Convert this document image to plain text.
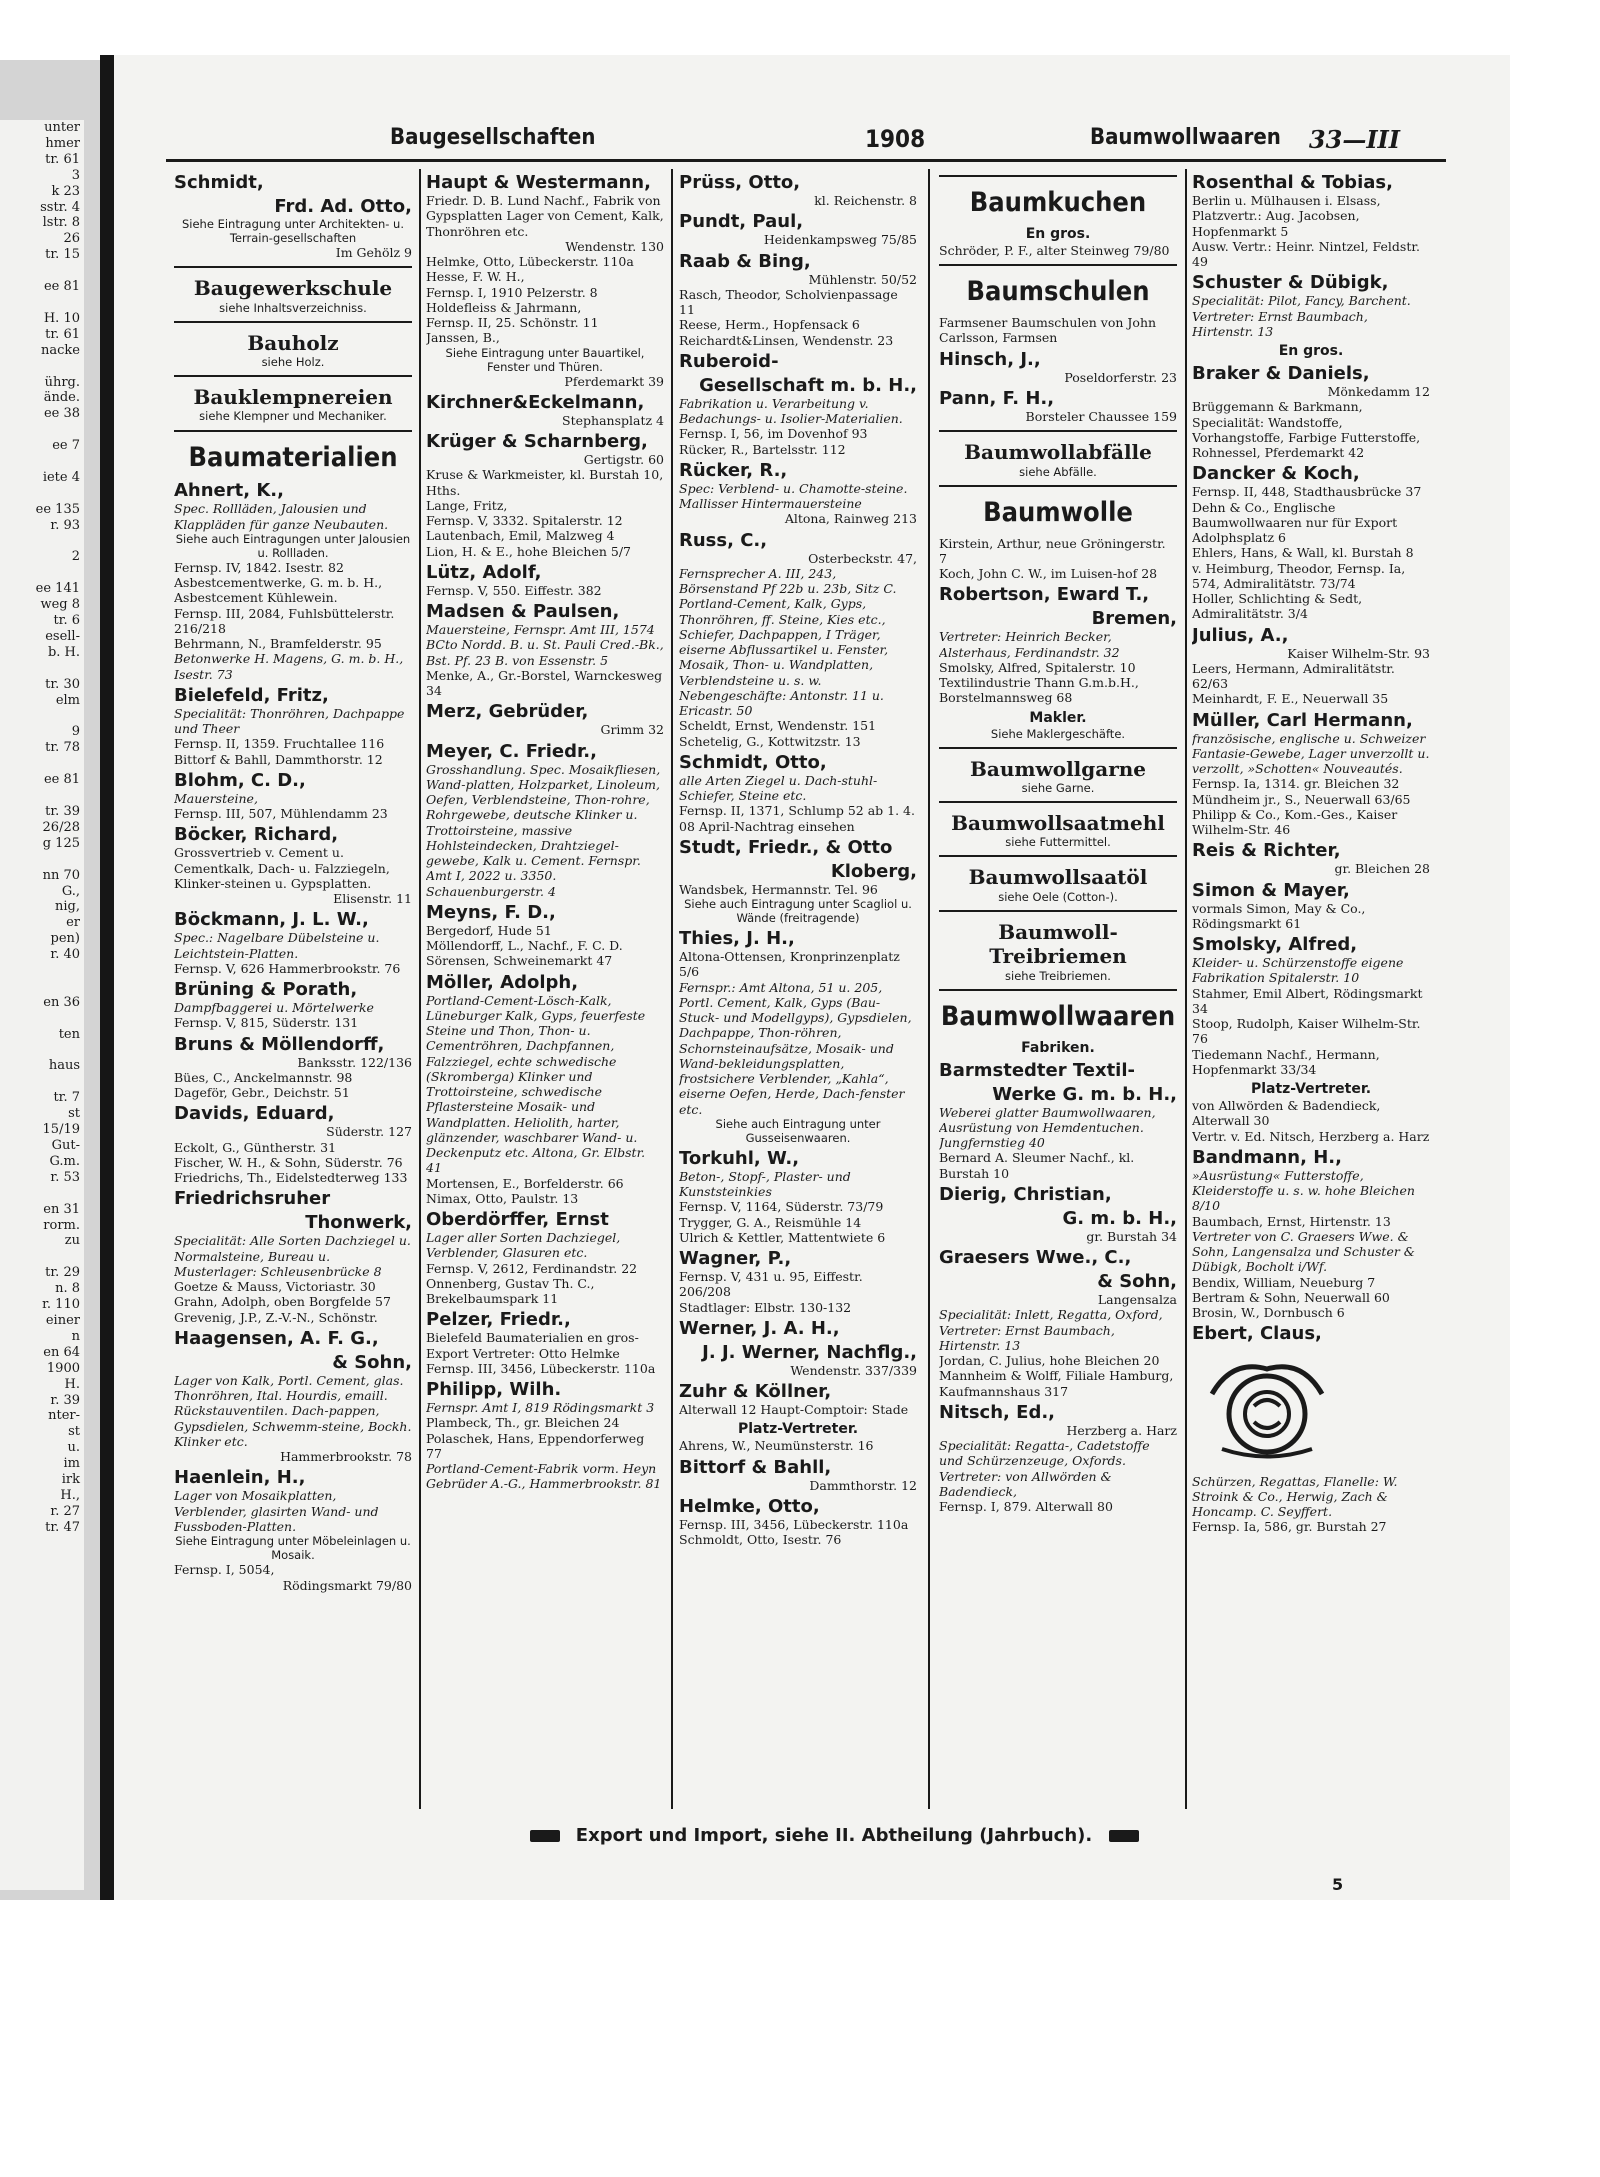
unter
hmer
tr. 61
3
k 23
sstr. 4
lstr. 8
26
tr. 15

ee 81

H. 10
tr. 61
nacke

ührg.
ände.
ee 38

ee 7

iete 4

ee 135
r. 93

2

ee 141
weg 8
tr. 6
esell-
b. H.

tr. 30
elm

9
tr. 78

ee 81

tr. 39
26/28
g 125

nn 70
G.,
nig,
er
pen)
r. 40

en 36

ten

haus

tr. 7
st
15/19
Gut-
G.m.
r. 53

en 31
rorm.
zu

tr. 29
n. 8
r. 110
einer
n
en 64
1900
H.
r. 39
nter-
st
u.
im
irk
H.,
r. 27
tr. 47
Baugesellschaften	1908	Baumwollwaaren 33—III
Schmidt,
Frd. Ad. Otto,
Siehe Eintragung unter Architekten- u. Terrain-gesellschaften
Im Gehölz 9
Baugewerkschule
siehe Inhaltsverzeichniss.
Bauholz
siehe Holz.
Bauklempnereien
siehe Klempner und Mechaniker.
Baumaterialien
Ahnert, K.,
Spec. Rollläden, Jalousien und Klappläden für ganze Neubauten.
Siehe auch Eintragungen unter Jalousien u. Rollladen.
Fernsp. IV, 1842. Isestr. 82
Asbestcementwerke, G. m. b. H., Asbestcement Kühlewein.
Fernsp. III, 2084, Fuhlsbüttelerstr. 216/218
Behrmann, N., Bramfelderstr. 95
Betonwerke H. Magens, G. m. b. H., Isestr. 73
Bielefeld, Fritz,
Specialität: Thonröhren, Dachpappe und Theer
Fernsp. II, 1359. Fruchtallee 116
Bittorf & Bahll, Dammthorstr. 12
Blohm, C. D.,
Mauersteine,
Fernsp. III, 507, Mühlendamm 23
Böcker, Richard,
Grossvertrieb v. Cement u. Cementkalk, Dach- u. Falzziegeln, Klinker-steinen u. Gypsplatten.
Elisenstr. 11
Böckmann, J. L. W.,
Spec.: Nagelbare Dübelsteine u. Leichtstein-Platten.
Fernsp. V, 626 Hammerbrookstr. 76
Brüning & Porath,
Dampfbaggerei u. Mörtelwerke
Fernsp. V, 815, Süderstr. 131
Bruns & Möllendorff,
Banksstr. 122/136
Bües, C., Anckelmannstr. 98
Dageför, Gebr., Deichstr. 51
Davids, Eduard,
Süderstr. 127
Eckolt, G., Güntherstr. 31
Fischer, W. H., & Sohn, Süderstr. 76
Friedrichs, Th., Eidelstedterweg 133
Friedrichsruher
Thonwerk,
Specialität: Alle Sorten Dachziegel u. Normalsteine, Bureau u. Musterlager: Schleusenbrücke 8
Goetze & Mauss, Victoriastr. 30
Grahn, Adolph, oben Borgfelde 57
Grevenig, J.P., Z.-V.-N., Schönstr.
Haagensen, A. F. G.,
& Sohn,
Lager von Kalk, Portl. Cement, glas. Thonröhren, Ital. Hourdis, emaill. Rückstauventilen. Dach-pappen, Gypsdielen, Schwemm-steine, Bockh. Klinker etc.
Hammerbrookstr. 78
Haenlein, H.,
Lager von Mosaikplatten, Verblender, glasirten Wand- und Fussboden-Platten.
Siehe Eintragung unter Möbeleinlagen u. Mosaik.
Fernsp. I, 5054,
Rödingsmarkt 79/80
Haupt & Westermann,
Friedr. D. B. Lund Nachf., Fabrik von Gypsplatten Lager von Cement, Kalk, Thonröhren etc.
Wendenstr. 130
Helmke, Otto, Lübeckerstr. 110a
Hesse, F. W. H.,
Fernsp. I, 1910 Pelzerstr. 8
Holdefleiss & Jahrmann,
Fernsp. II, 25. Schönstr. 11
Janssen, B.,
Siehe Eintragung unter Bauartikel, Fenster und Thüren.
Pferdemarkt 39
Kirchner&Eckelmann,
Stephansplatz 4
Krüger & Scharnberg,
Gertigstr. 60
Kruse & Warkmeister, kl. Burstah 10, Hths.
Lange, Fritz,
Fernsp. V, 3332. Spitalerstr. 12
Lautenbach, Emil, Malzweg 4
Lion, H. & E., hohe Bleichen 5/7
Lütz, Adolf,
Fernsp. V, 550. Eiffestr. 382
Madsen & Paulsen,
Mauersteine, Fernspr. Amt III, 1574 BCto Nordd. B. u. St. Pauli Cred.-Bk., Bst. Pf. 23 B. von Essenstr. 5
Menke, A., Gr.-Borstel, Warnckesweg 34
Merz, Gebrüder,
Grimm 32
Meyer, C. Friedr.,
Grosshandlung. Spec. Mosaikfliesen, Wand-platten, Holzparket, Linoleum, Oefen, Verblendsteine, Thon-rohre, Rohrgewebe, deutsche Klinker u. Trottoirsteine, massive Hohlsteindecken, Drahtziegel-gewebe, Kalk u. Cement. Fernspr. Amt I, 2022 u. 3350. Schauenburgerstr. 4
Meyns, F. D.,
Bergedorf, Hude 51
Möllendorff, L., Nachf., F. C. D. Sörensen, Schweinemarkt 47
Möller, Adolph,
Portland-Cement-Lösch-Kalk, Lüneburger Kalk, Gyps, feuerfeste Steine und Thon, Thon- u. Cementröhren, Dachpfannen, Falzziegel, echte schwedische (Skromberga) Klinker und Trottoirsteine, schwedische Pflastersteine Mosaik- und Wandplatten. Heliolith, harter, glänzender, waschbarer Wand- u. Deckenputz etc. Altona, Gr. Elbstr. 41
Mortensen, E., Borfelderstr. 66
Nimax, Otto, Paulstr. 13
Oberdörffer, Ernst
Lager aller Sorten Dachziegel, Verblender, Glasuren etc.
Fernsp. V, 2612, Ferdinandstr. 22
Onnenberg, Gustav Th. C., Brekelbaumspark 11
Pelzer, Friedr.,
Bielefeld Baumaterialien en gros-Export Vertreter: Otto Helmke
Fernsp. III, 3456, Lübeckerstr. 110a
Philipp, Wilh.
Fernspr. Amt I, 819 Rödingsmarkt 3
Plambeck, Th., gr. Bleichen 24
Polaschek, Hans, Eppendorferweg 77
Portland-Cement-Fabrik vorm. Heyn Gebrüder A.-G., Hammerbrookstr. 81
Prüss, Otto,
kl. Reichenstr. 8
Pundt, Paul,
Heidenkampsweg 75/85
Raab & Bing,
Mühlenstr. 50/52
Rasch, Theodor, Scholvienpassage 11
Reese, Herm., Hopfensack 6
Reichardt&Linsen, Wendenstr. 23
Ruberoid-
Gesellschaft m. b. H.,
Fabrikation u. Verarbeitung v. Bedachungs- u. Isolier-Materialien.
Fernsp. I, 56, im Dovenhof 93
Rücker, R., Bartelsstr. 112
Rücker, R.,
Spec: Verblend- u. Chamotte-steine. Mallisser Hintermauersteine
Altona, Rainweg 213
Russ, C.,
Osterbeckstr. 47,
Fernsprecher A. III, 243, Börsenstand Pf 22b u. 23b, Sitz C. Portland-Cement, Kalk, Gyps, Thonröhren, ff. Steine, Kies etc., Schiefer, Dachpappen, I Träger, eiserne Abflussartikel u. Fenster, Mosaik, Thon- u. Wandplatten, Verblendsteine u. s. w. Nebengeschäfte: Antonstr. 11 u. Ericastr. 50
Scheldt, Ernst, Wendenstr. 151
Schetelig, G., Kottwitzstr. 13
Schmidt, Otto,
alle Arten Ziegel u. Dach-stuhl-Schiefer, Steine etc.
Fernsp. II, 1371, Schlump 52 ab 1. 4. 08 April-Nachtrag einsehen
Studt, Friedr., & Otto
Kloberg,
Wandsbek, Hermannstr. Tel. 96
Siehe auch Eintragung unter Scagliol u. Wände (freitragende)
Thies, J. H.,
Altona-Ottensen, Kronprinzenplatz 5/6
Fernspr.: Amt Altona, 51 u. 205, Portl. Cement, Kalk, Gyps (Bau-Stuck- und Modellgyps), Gypsdielen, Dachpappe, Thon-röhren, Schornsteinaufsätze, Mosaik- und Wand-bekleidungsplatten, frostsichere Verblender, „Kahla“, eiserne Oefen, Herde, Dach-fenster etc.
Siehe auch Eintragung unter Gusseisenwaaren.
Torkuhl, W.,
Beton-, Stopf-, Plaster- und Kunststeinkies
Fernsp. V, 1164, Süderstr. 73/79
Trygger, G. A., Reismühle 14
Ulrich & Kettler, Mattentwiete 6
Wagner, P.,
Fernsp. V, 431 u. 95, Eiffestr. 206/208
Stadtlager: Elbstr. 130-132
Werner, J. A. H.,
J. J. Werner, Nachflg.,
Wendenstr. 337/339
Zuhr & Köllner,
Alterwall 12 Haupt-Comptoir: Stade
Platz-Vertreter.
Ahrens, W., Neumünsterstr. 16
Bittorf & Bahll,
Dammthorstr. 12
Helmke, Otto,
Fernsp. III, 3456, Lübeckerstr. 110a
Schmoldt, Otto, Isestr. 76
Baumkuchen
En gros.
Schröder, P. F., alter Steinweg 79/80
Baumschulen
Farmsener Baumschulen von John Carlsson, Farmsen
Hinsch, J.,
Poseldorferstr. 23
Pann, F. H.,
Borsteler Chaussee 159
Baumwollabfälle
siehe Abfälle.
Baumwolle
Kirstein, Arthur, neue Gröningerstr. 7
Koch, John C. W., im Luisen-hof 28
Robertson, Eward T.,
Bremen,
Vertreter: Heinrich Becker, Alsterhaus, Ferdinandstr. 32
Smolsky, Alfred, Spitalerstr. 10
Textilindustrie Thann G.m.b.H., Borstelmannsweg 68
Makler.
Siehe Maklergeschäfte.
Baumwollgarne
siehe Garne.
Baumwollsaatmehl
siehe Futtermittel.
Baumwollsaatöl
siehe Oele (Cotton-).
Baumwoll-Treibriemen
siehe Treibriemen.
Baumwollwaaren
Fabriken.
Barmstedter Textil-
Werke G. m. b. H.,
Weberei glatter Baumwollwaaren, Ausrüstung von Hemdentuchen. Jungfernstieg 40
Bernard A. Sleumer Nachf., kl. Burstah 10
Dierig, Christian,
G. m. b. H.,
gr. Burstah 34
Graesers Wwe., C.,
& Sohn,
Langensalza
Specialität: Inlett, Regatta, Oxford, Vertreter: Ernst Baumbach, Hirtenstr. 13
Jordan, C. Julius, hohe Bleichen 20
Mannheim & Wolff, Filiale Hamburg, Kaufmannshaus 317
Nitsch, Ed.,
Herzberg a. Harz
Specialität: Regatta-, Cadetstoffe und Schürzenzeuge, Oxfords. Vertreter: von Allwörden & Badendieck,
Fernsp. I, 879. Alterwall 80
Rosenthal & Tobias,
Berlin u. Mülhausen i. Elsass, Platzvertr.: Aug. Jacobsen, Hopfenmarkt 5
Ausw. Vertr.: Heinr. Nintzel, Feldstr. 49
Schuster & Dübigk,
Specialität: Pilot, Fancy, Barchent. Vertreter: Ernst Baumbach, Hirtenstr. 13
En gros.
Braker & Daniels,
Mönkedamm 12
Brüggemann & Barkmann, Specialität: Wandstoffe, Vorhangstoffe, Farbige Futterstoffe, Rohnessel, Pferdemarkt 42
Dancker & Koch,
Fernsp. II, 448, Stadthausbrücke 37
Dehn & Co., Englische Baumwollwaaren nur für Export Adolphsplatz 6
Ehlers, Hans, & Wall, kl. Burstah 8
v. Heimburg, Theodor, Fernsp. Ia, 574, Admiralitätstr. 73/74
Holler, Schlichting & Sedt, Admiralitätstr. 3/4
Julius, A.,
Kaiser Wilhelm-Str. 93
Leers, Hermann, Admiralitätstr. 62/63
Meinhardt, F. E., Neuerwall 35
Müller, Carl Hermann,
französische, englische u. Schweizer Fantasie-Gewebe, Lager unverzollt u. verzollt, »Schotten« Nouveautés.
Fernsp. Ia, 1314. gr. Bleichen 32
Mündheim jr., S., Neuerwall 63/65
Philipp & Co., Kom.-Ges., Kaiser Wilhelm-Str. 46
Reis & Richter,
gr. Bleichen 28
Simon & Mayer,
vormals Simon, May & Co., Rödingsmarkt 61
Smolsky, Alfred,
Kleider- u. Schürzenstoffe eigene Fabrikation Spitalerstr. 10
Stahmer, Emil Albert, Rödingsmarkt 34
Stoop, Rudolph, Kaiser Wilhelm-Str. 76
Tiedemann Nachf., Hermann, Hopfenmarkt 33/34
Platz-Vertreter.
von Allwörden & Badendieck, Alterwall 30
Vertr. v. Ed. Nitsch, Herzberg a. Harz
Bandmann, H.,
»Ausrüstung« Futterstoffe, Kleiderstoffe u. s. w. hohe Bleichen 8/10
Baumbach, Ernst, Hirtenstr. 13
Vertreter von C. Graesers Wwe. & Sohn, Langensalza und Schuster & Dübigk, Bocholt i/Wf.
Bendix, William, Neueburg 7
Bertram & Sohn, Neuerwall 60
Brosin, W., Dornbusch 6
Ebert, Claus,
Schürzen, Regattas, Flanelle: W. Stroink & Co., Herwig, Zach & Honcamp. C. Seyffert.
Fernsp. Ia, 586, gr. Burstah 27
Export und Import, siehe II. Abtheilung (Jahrbuch).
5
